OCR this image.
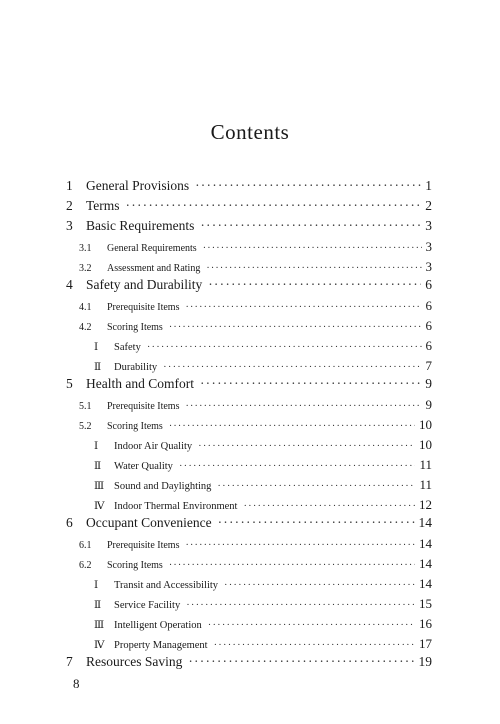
Contents
1 General Provisions ·····	1
2 Terms ·····	2
3 Basic Requirements ·····	3
3.1	General Requirements ·····	3
3.2	Assessment and Rating ·····	3
4 Safety and Durability ·····	6
4.1	Prerequisite Items ·····	6
4.2	Scoring Items ·····	6
Ⅰ	Safety ·····	6
Ⅱ	Durability ·····	7
5 Health and Comfort ·····	9
5.1	Prerequisite Items ·····	9
5.2	Scoring Items ·····	10
Ⅰ	Indoor Air Quality ·····	10
Ⅱ	Water Quality ·····	11
Ⅲ Sound and Daylighting ·····	11
Ⅳ Indoor Thermal Environment ·····	12
6 Occupant Convenience ·····	14
6.1	Prerequisite Items ·····	14
6.2	Scoring Items ·····	14
Ⅰ	Transit and Accessibility ·····	14
Ⅱ	Service Facility ·····	15
Ⅲ Intelligent Operation ·····	16
Ⅳ Property Management ·····	17
7 Resources Saving ·····	19
8
